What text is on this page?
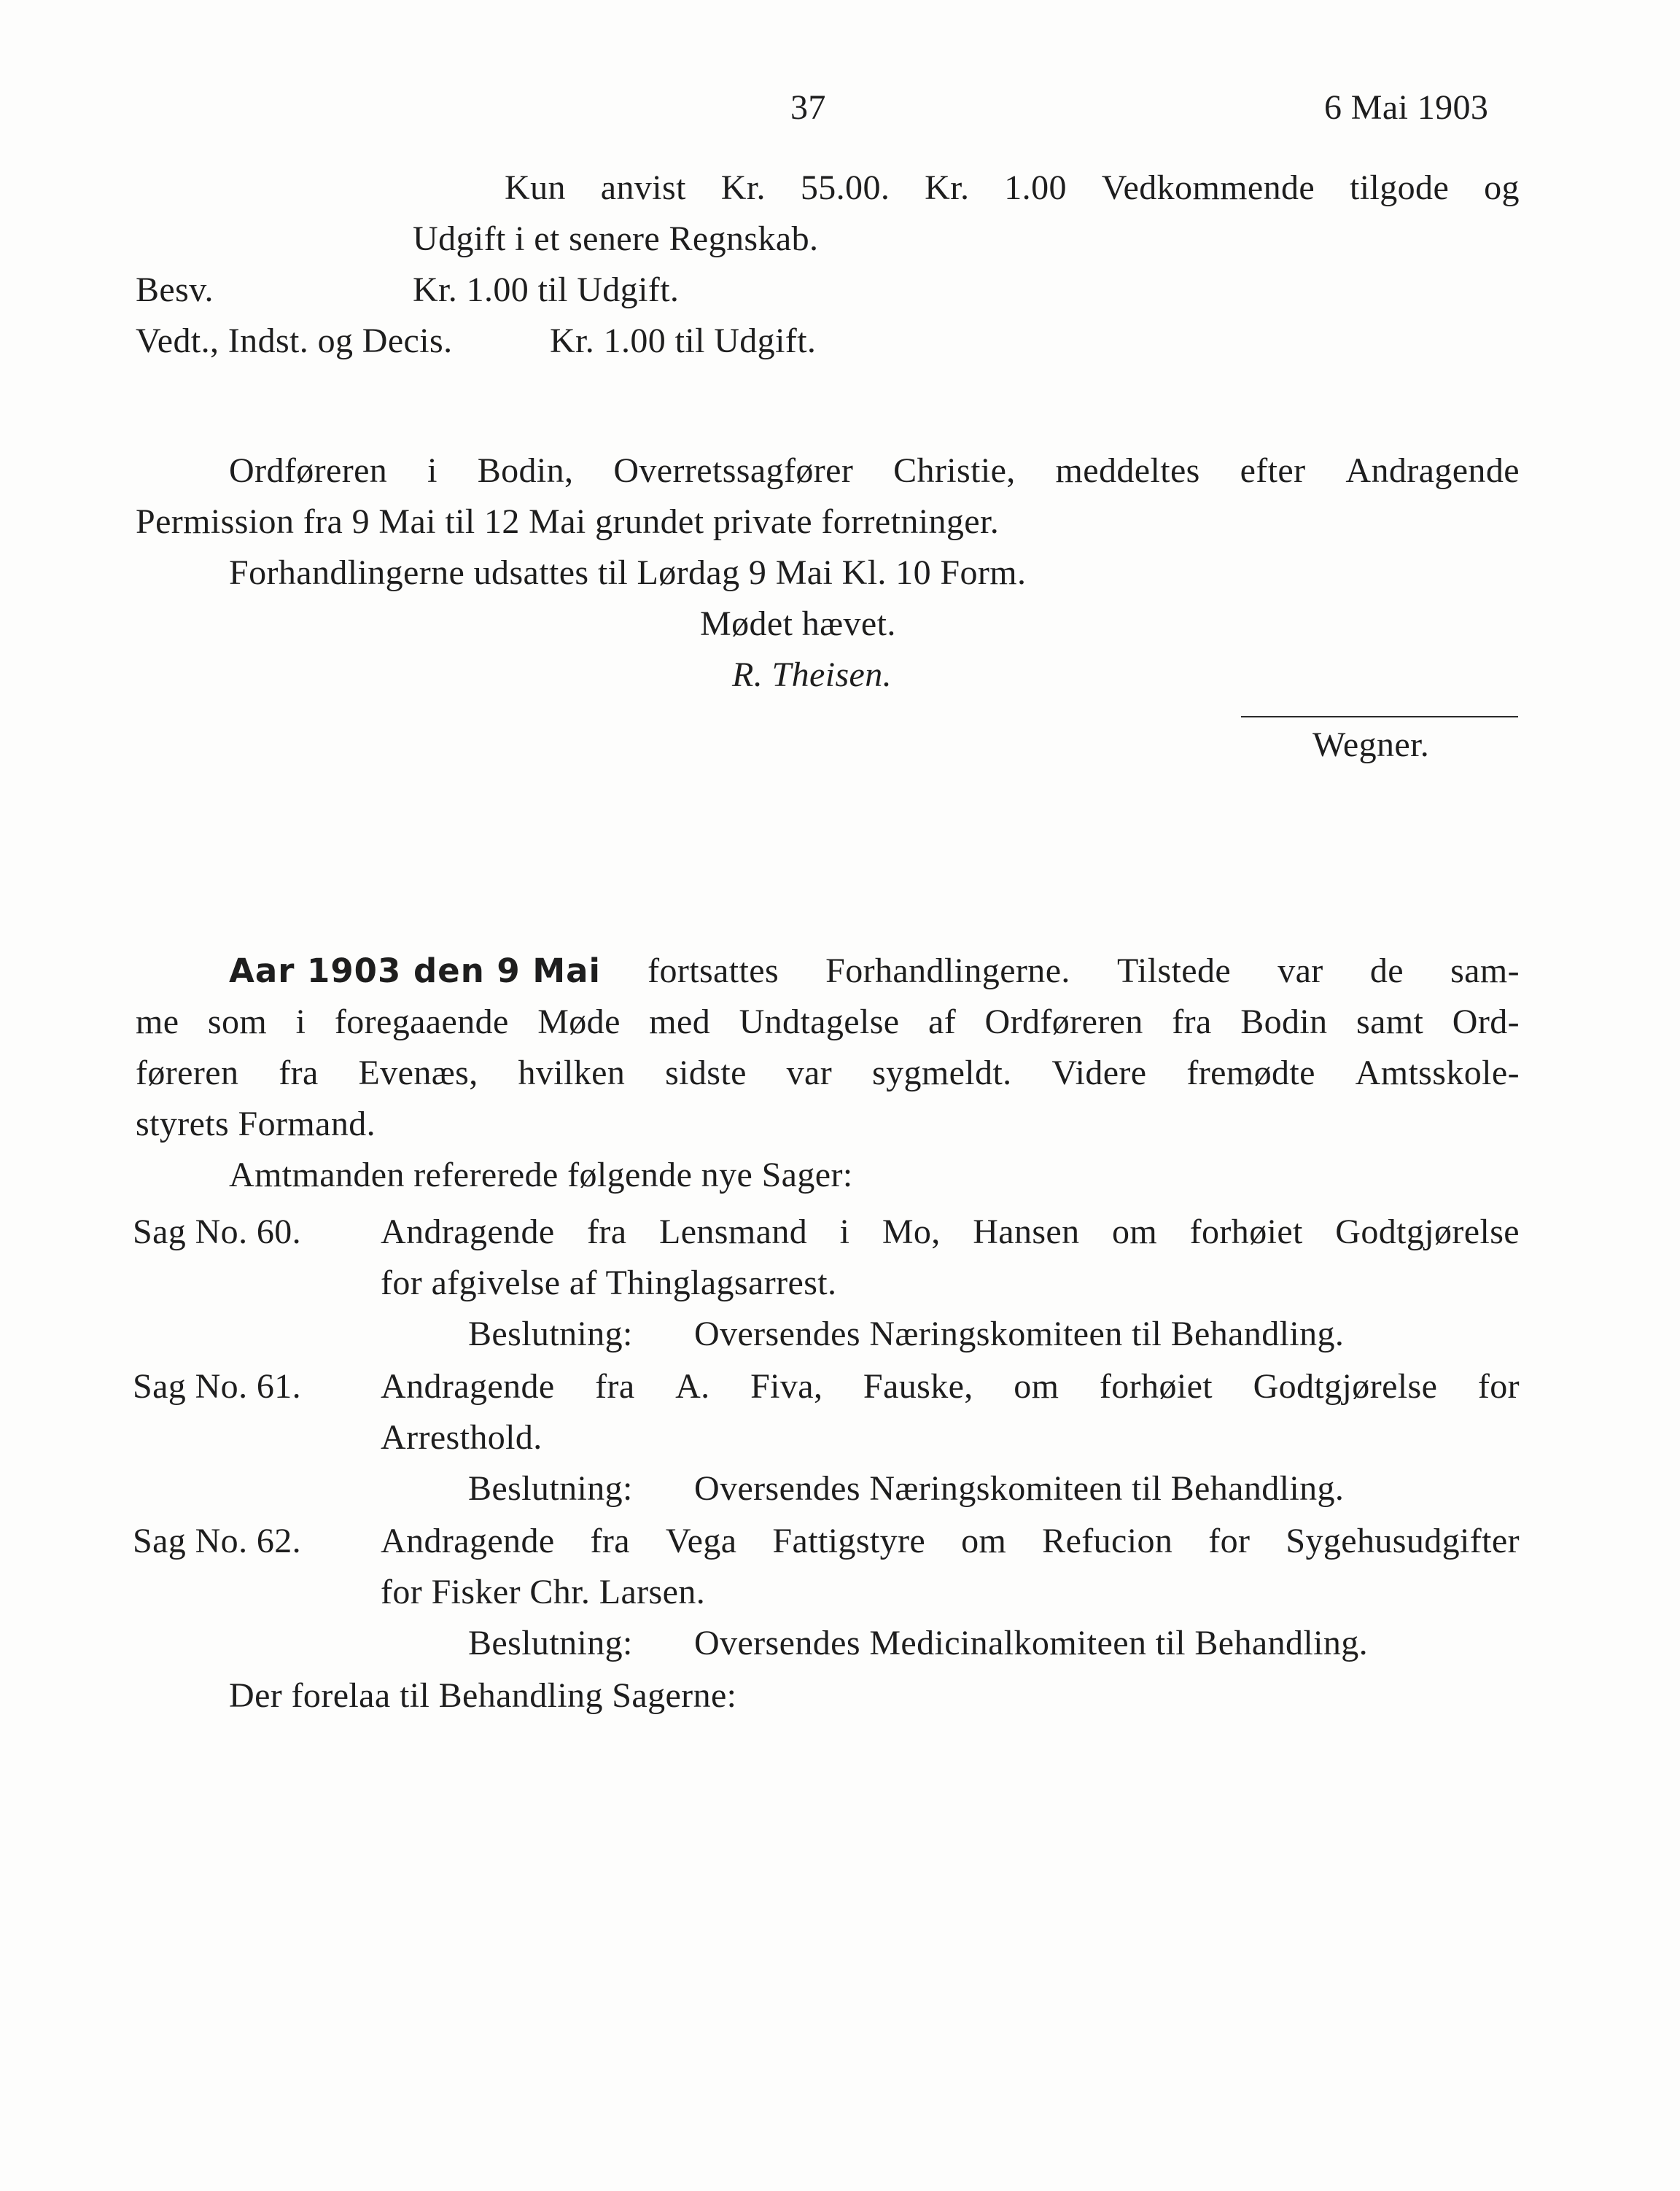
37	6 Mai 1903
Kun anvist Kr. 55.00. Kr. 1.00 Vedkommende tilgode og
Udgift i et senere Regnskab.
Besv.	Kr. 1.00 til Udgift.
Vedt., Indst. og Decis.	Kr. 1.00 til Udgift.
Ordføreren i Bodin, Overretssagfører Christie, meddeltes efter Andragende
Permission fra 9 Mai til 12 Mai grundet private forretninger.
Forhandlingerne udsattes til Lørdag 9 Mai Kl. 10 Form.
Mødet hævet.
R. Theisen.
Wegner.
Aar 1903 den 9 Mai fortsattes Forhandlingerne. Tilstede var de sam-
me som i foregaaende Møde med Undtagelse af Ordføreren fra Bodin samt Ord-
føreren fra Evenæs, hvilken sidste var sygmeldt. Videre fremødte Amtsskole-
styrets Formand.
Amtmanden refererede følgende nye Sager:
Sag No. 60. Andragende fra Lensmand i Mo, Hansen om forhøiet Godtgjørelse
for afgivelse af Thinglagsarrest.
Beslutning: Oversendes Næringskomiteen til Behandling.
Sag No. 61. Andragende fra A. Fiva, Fauske, om forhøiet Godtgjørelse for
Arresthold.
Beslutning: Oversendes Næringskomiteen til Behandling.
Sag No. 62. Andragende fra Vega Fattigstyre om Refucion for Sygehusudgifter
for Fisker Chr. Larsen.
Beslutning: Oversendes Medicinalkomiteen til Behandling.
Der forelaa til Behandling Sagerne:
